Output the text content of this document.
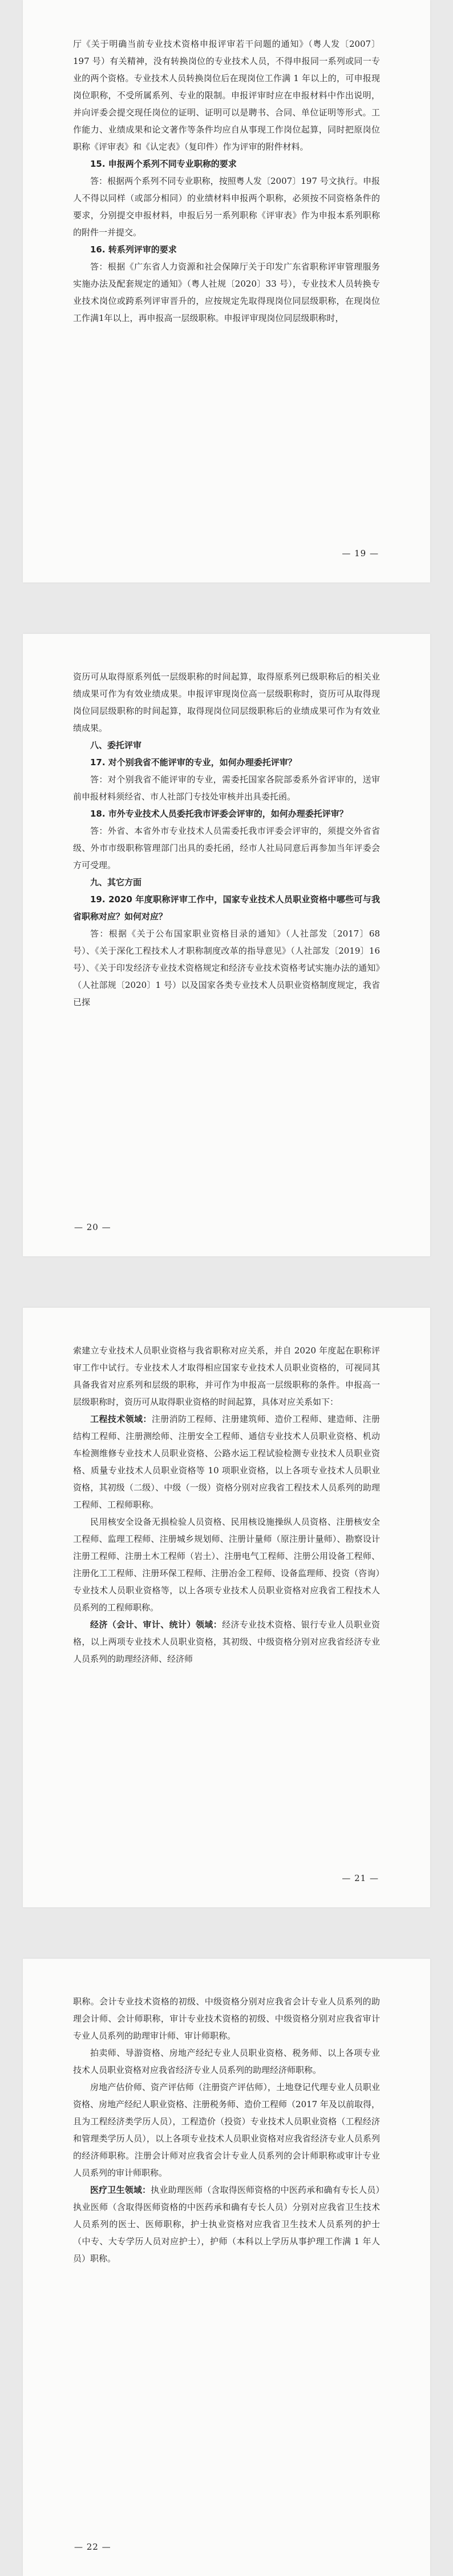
厅《关于明确当前专业技术资格申报评审若干问题的通知》（粤人发〔2007〕197 号）有关精神，没有转换岗位的专业技术人员，不得申报同一系列或同一专业的两个资格。专业技术人员转换岗位后在现岗位工作满 1 年以上的，可申报现岗位职称，不受所属系列、专业的限制。申报评审时应在申报材料中作出说明，并向评委会提交现任岗位的证明、证明可以是聘书、合同、单位证明等形式。工作能力、业绩成果和论文著作等条件均应自从事现工作岗位起算，同时把原岗位职称《评审表》和《认定表》（复印件）作为评审的附件材料。

15. 申报两个系列不同专业职称的要求

答：根据两个系列不同专业职称，按照粤人发〔2007〕197 号文执行。申报人不得以同样（或部分相同）的业绩材料申报两个职称，必须按不同资格条件的要求，分别提交申报材料，申报后另一系列职称《评审表》作为申报本系列职称的附件一并提交。

16. 转系列评审的要求

答：根据《广东省人力资源和社会保障厅关于印发广东省职称评审管理服务实施办法及配套规定的通知》（粤人社规〔2020〕33 号），专业技术人员转换专业技术岗位或跨系列评审晋升的，应按规定先取得现岗位同层级职称，在现岗位工作满1年以上，再申报高一层级职称。申报评审现岗位同层级职称时，

— 19 —

资历可从取得原系列低一层级职称的时间起算，取得原系列已级职称后的相关业绩成果可作为有效业绩成果。申报评审现岗位高一层级职称时，资历可从取得现岗位同层级职称的时间起算，取得现岗位同层级职称后的业绩成果可作为有效业绩成果。

八、委托评审

17. 对个别我省不能评审的专业，如何办理委托评审？

答：对个别我省不能评审的专业，需委托国家各院部委系外省评审的，送审前申报材料须经省、市人社部门专技处审核并出具委托函。

18. 市外专业技术人员委托我市评委会评审的，如何办理委托评审？

答：外省、本省外市专业技术人员需委托我市评委会评审的，须提交外省省级、外市市级职称管理部门出具的委托函，经市人社局同意后再参加当年评委会方可受理。

九、其它方面

19. 2020 年度职称评审工作中，国家专业技术人员职业资格中哪些可与我省职称对应？如何对应？

答：根据《关于公布国家职业资格目录的通知》（人社部发〔2017〕68 号）、《关于深化工程技术人才职称制度改革的指导意见》（人社部发〔2019〕16 号）、《关于印发经济专业技术资格规定和经济专业技术资格考试实施办法的通知》（人社部规〔2020〕1 号）以及国家各类专业技术人员职业资格制度规定，我省已探

— 20 —

索建立专业技术人员职业资格与我省职称对应关系，并自 2020 年度起在职称评审工作中试行。专业技术人才取得相应国家专业技术人员职业资格的，可视同其具备我省对应系列和层级的职称，并可作为申报高一层级职称的条件。申报高一层级职称时，资历可从取得职业资格的时间起算，具体对应关系如下：

工程技术领域：注册消防工程师、注册建筑师、造价工程师、建造师、注册结构工程师、注册测绘师、注册安全工程师、通信专业技术人员职业资格、机动车检测维修专业技术人员职业资格、公路水运工程试验检测专业技术人员职业资格、质量专业技术人员职业资格等 10 项职业资格，以上各项专业技术人员职业资格，其初级（二级）、中级（一级）资格分别对应我省工程技术人员系列的助理工程师、工程师职称。

民用核安全设备无损检验人员资格、民用核设施操纵人员资格、注册核安全工程师、监理工程师、注册城乡规划师、注册计量师（原注册计量师）、勘察设计注册工程师、注册土木工程师（岩土）、注册电气工程师、注册公用设备工程师、注册化工工程师、注册环保工程师、注册冶金工程师、设备监理师、投资（咨询）专业技术人员职业资格等，以上各项专业技术人员职业资格对应我省工程技术人员系列的工程师职称。

经济（会计、审计、统计）领域：经济专业技术资格、银行专业人员职业资格，以上两项专业技术人员职业资格，其初级、中级资格分别对应我省经济专业人员系列的助理经济师、经济师

— 21 —

职称。会计专业技术资格的初级、中级资格分别对应我省会计专业人员系列的助理会计师、会计师职称，审计专业技术资格的初级、中级资格分别对应我省审计专业人员系列的助理审计师、审计师职称。

拍卖师、导游资格、房地产经纪专业人员职业资格、税务师、以上各项专业技术人员职业资格对应我省经济专业人员系列的助理经济师职称。

房地产估价师、资产评估师（注册资产评估师），土地登记代理专业人员职业资格、房地产经纪人职业资格、注册税务师、造价工程师（2017 年及以前取得，且为工程经济类学历人员），工程造价（投资）专业技术人员职业资格（工程经济和管理类学历人员），以上各项专业技术人员职业资格对应我省经济专业人员系列的经济师职称。注册会计师对应我省会计专业人员系列的会计师职称或审计专业人员系列的审计师职称。

医疗卫生领域：执业助理医师（含取得医师资格的中医药承和确有专长人员）执业医师（含取得医师资格的中医药承和确有专长人员）分别对应我省卫生技术人员系列的医士、医师职称，护士执业资格对应我省卫生技术人员系列的护士（中专、大专学历人员对应护士），护师（本科以上学历从事护理工作满 1 年人员）职称。

— 22 —
